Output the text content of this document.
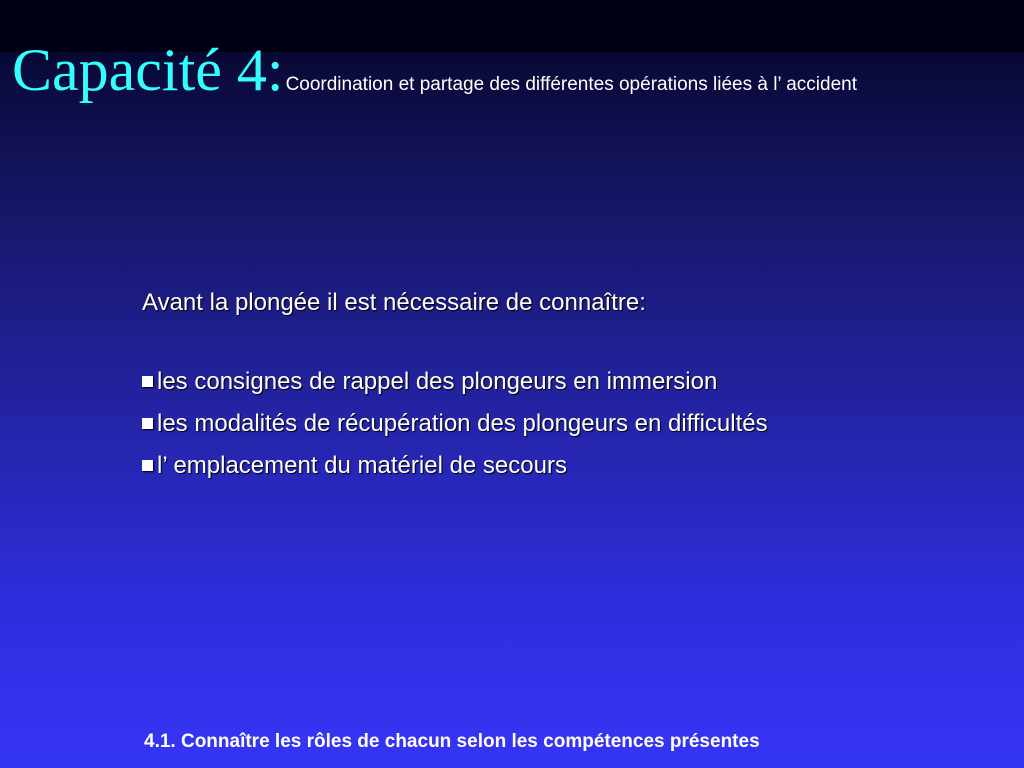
Capacité 4: Coordination et partage des différentes opérations liées à l’ accident
Avant la plongée il est nécessaire de connaître:
les consignes de rappel des plongeurs en immersion
les modalités de récupération des plongeurs en difficultés
l’ emplacement du matériel de secours
4.1. Connaître les rôles de chacun selon les compétences présentes
